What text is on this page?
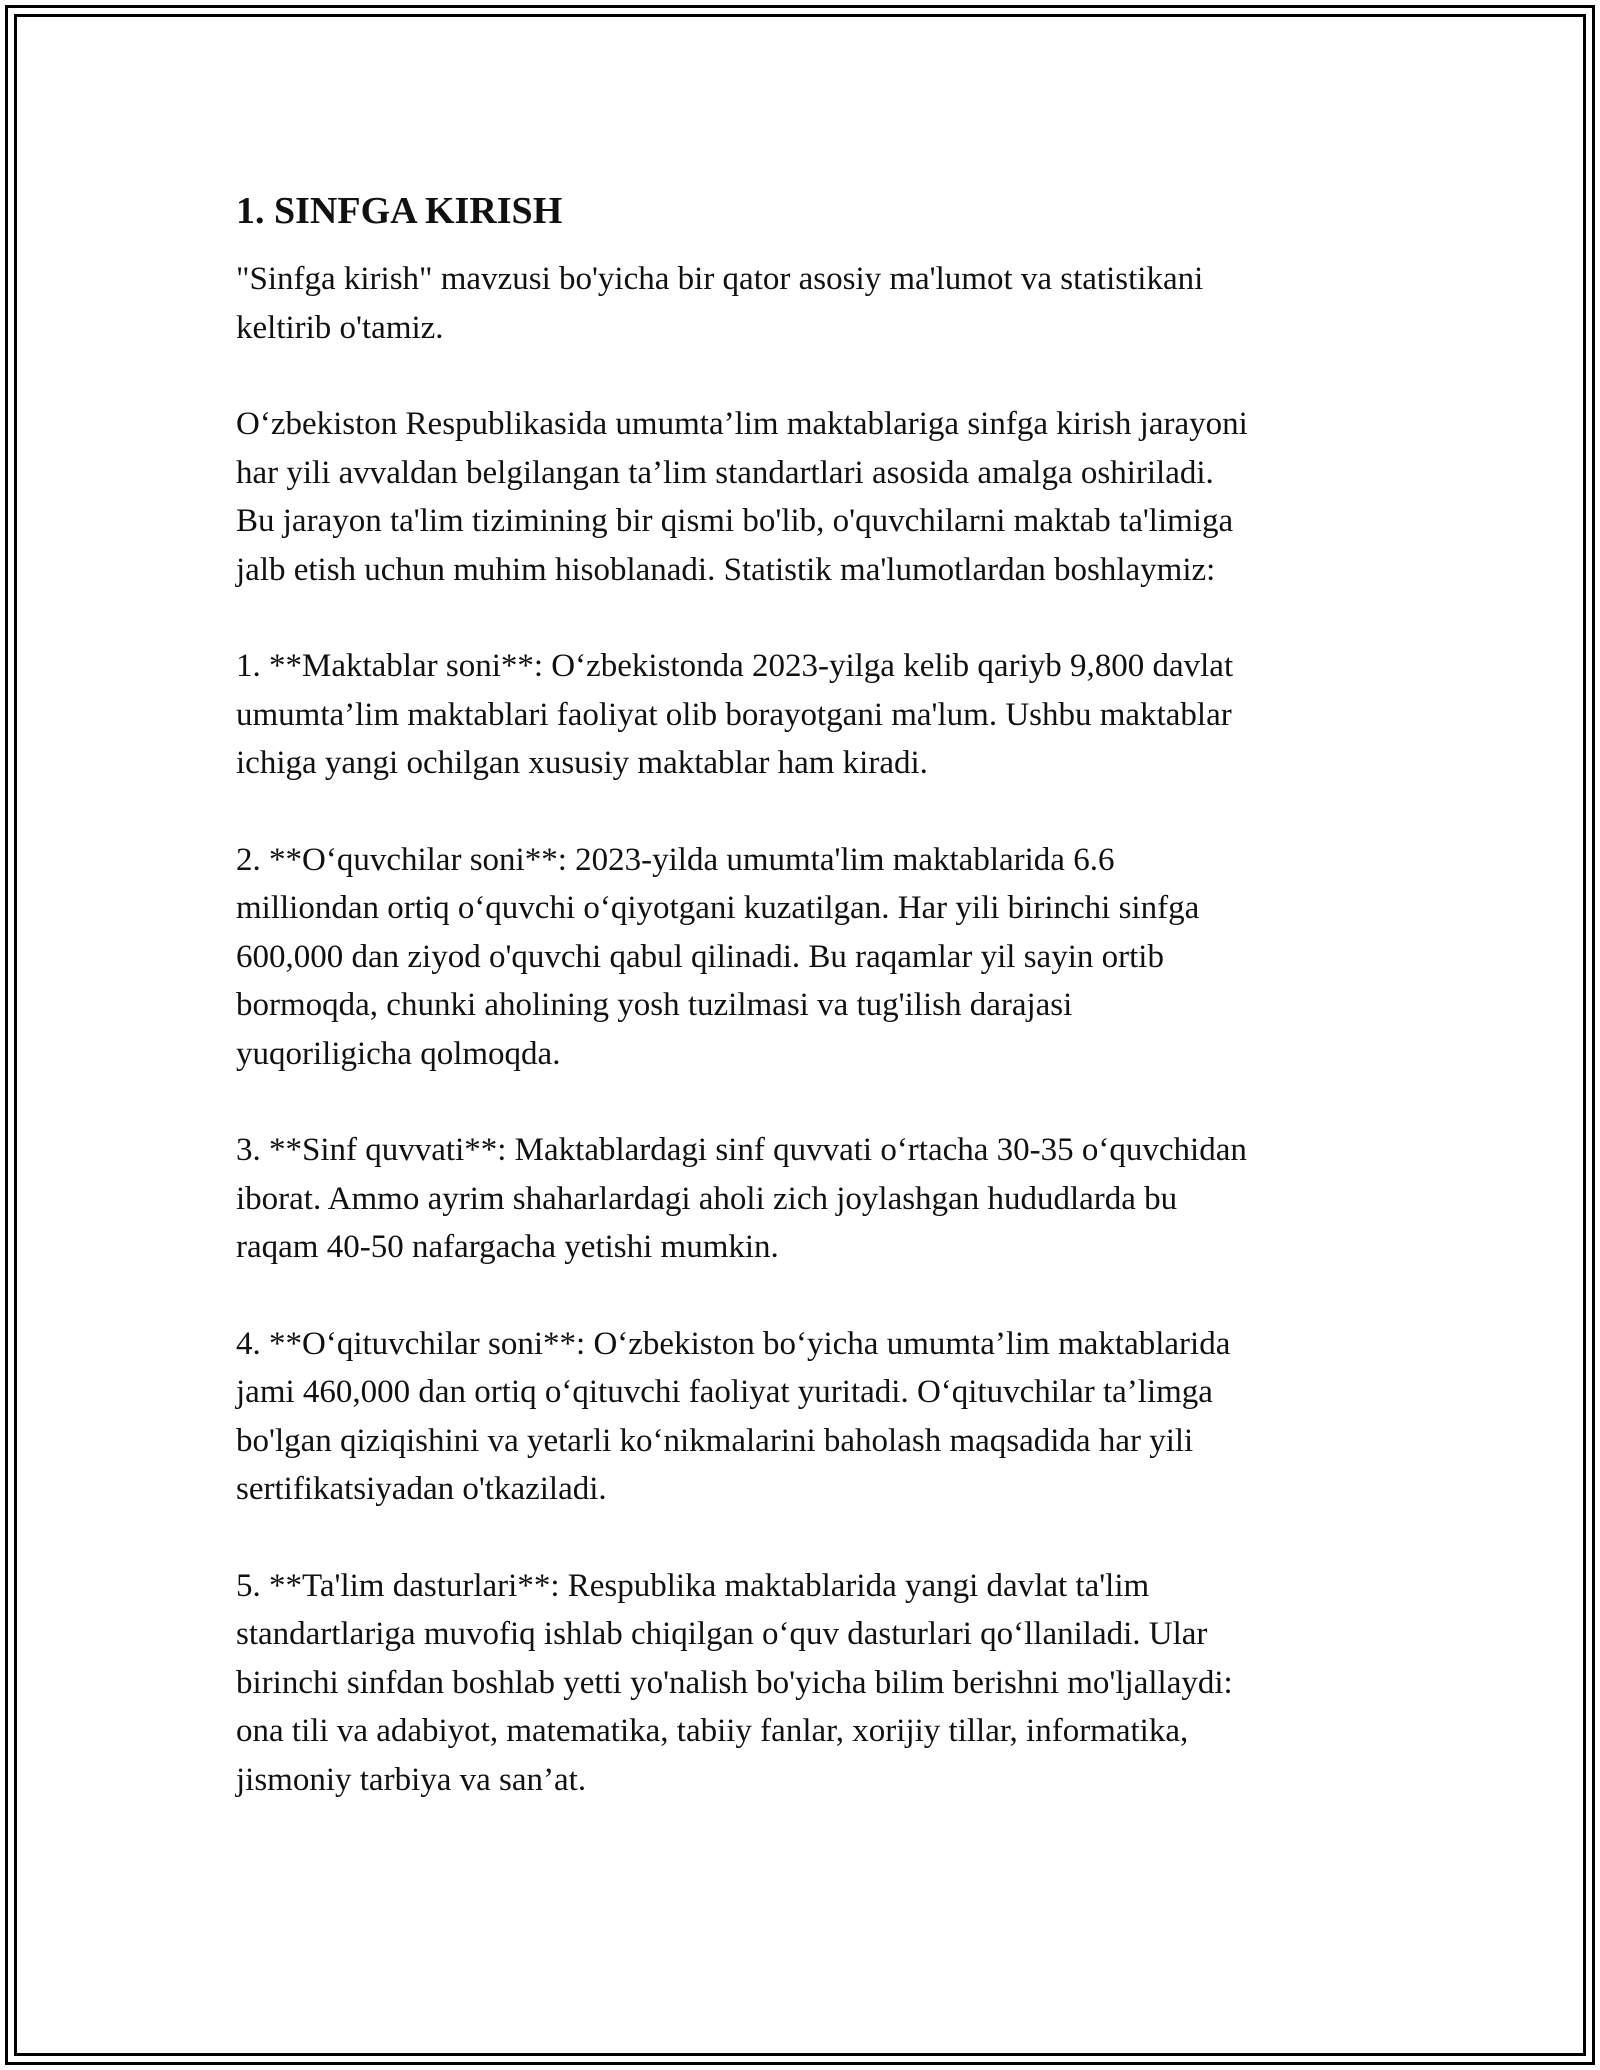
1. SINFGA KIRISH

"Sinfga kirish" mavzusi bo'yicha bir qator asosiy ma'lumot va statistikani
keltirib o'tamiz.

O‘zbekiston Respublikasida umumta’lim maktablariga sinfga kirish jarayoni
har yili avvaldan belgilangan ta’lim standartlari asosida amalga oshiriladi.
Bu jarayon ta'lim tizimining bir qismi bo'lib, o'quvchilarni maktab ta'limiga
jalb etish uchun muhim hisoblanadi. Statistik ma'lumotlardan boshlaymiz:

1. **Maktablar soni**: O‘zbekistonda 2023-yilga kelib qariyb 9,800 davlat
umumta’lim maktablari faoliyat olib borayotgani ma'lum. Ushbu maktablar
ichiga yangi ochilgan xususiy maktablar ham kiradi.

2. **O‘quvchilar soni**: 2023-yilda umumta'lim maktablarida 6.6
milliondan ortiq o‘quvchi o‘qiyotgani kuzatilgan. Har yili birinchi sinfga
600,000 dan ziyod o'quvchi qabul qilinadi. Bu raqamlar yil sayin ortib
bormoqda, chunki aholining yosh tuzilmasi va tug'ilish darajasi
yuqoriligicha qolmoqda.

3. **Sinf quvvati**: Maktablardagi sinf quvvati o‘rtacha 30-35 o‘quvchidan
iborat. Ammo ayrim shaharlardagi aholi zich joylashgan hududlarda bu
raqam 40-50 nafargacha yetishi mumkin.

4. **O‘qituvchilar soni**: O‘zbekiston bo‘yicha umumta’lim maktablarida
jami 460,000 dan ortiq o‘qituvchi faoliyat yuritadi. O‘qituvchilar ta’limga
bo'lgan qiziqishini va yetarli ko‘nikmalarini baholash maqsadida har yili
sertifikatsiyadan o'tkaziladi.

5. **Ta'lim dasturlari**: Respublika maktablarida yangi davlat ta'lim
standartlariga muvofiq ishlab chiqilgan o‘quv dasturlari qo‘llaniladi. Ular
birinchi sinfdan boshlab yetti yo'nalish bo'yicha bilim berishni mo'ljallaydi:
ona tili va adabiyot, matematika, tabiiy fanlar, xorijiy tillar, informatika,
jismoniy tarbiya va san’at.
